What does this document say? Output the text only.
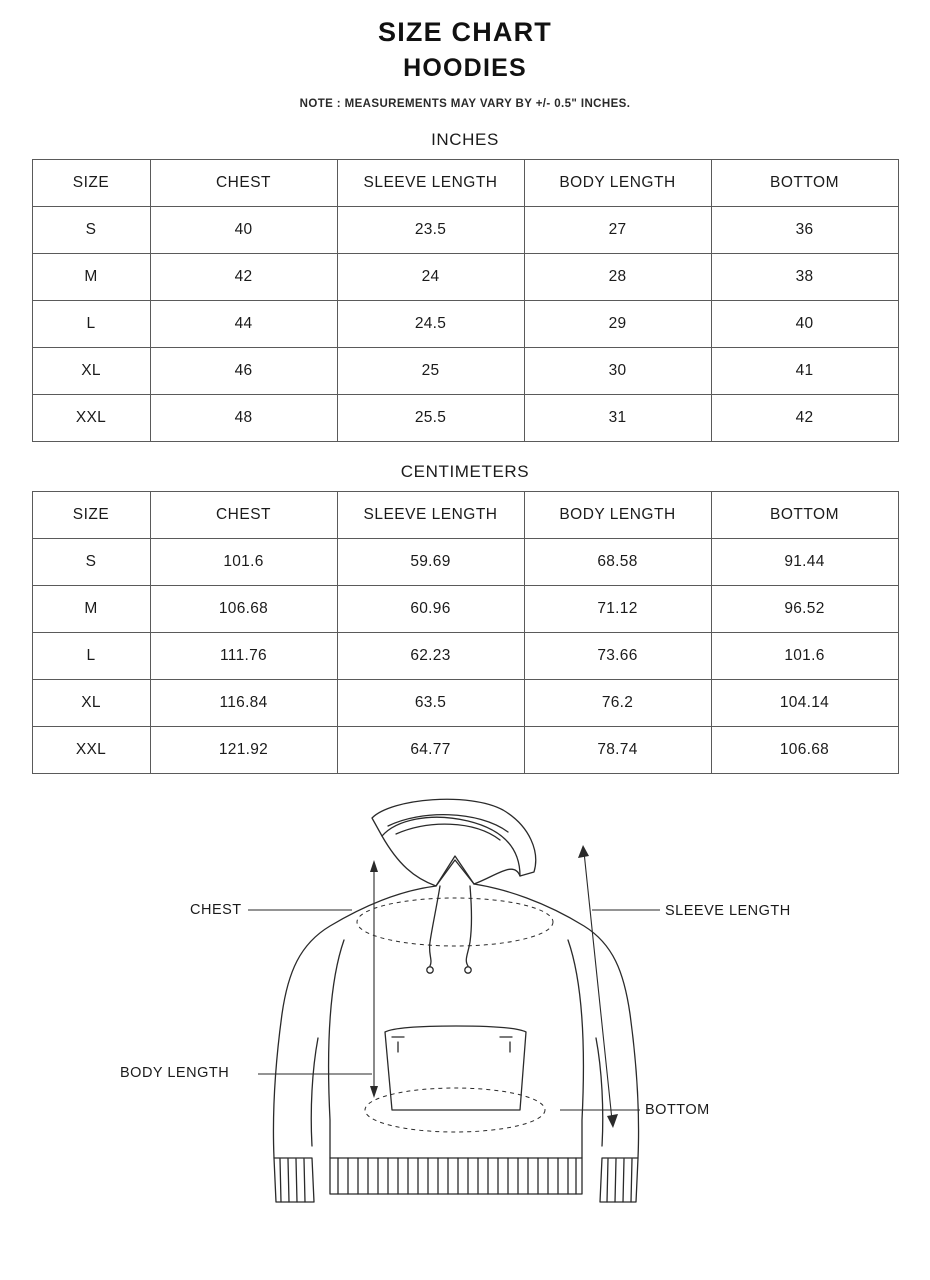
SIZE CHART
HOODIES
NOTE : MEASUREMENTS MAY VARY BY +/- 0.5" INCHES.
INCHES
SIZE	CHEST	SLEEVE LENGTH	BODY LENGTH	BOTTOM
S	40	23.5	27	36
M	42	24	28	38
L	44	24.5	29	40
XL	46	25	30	41
XXL	48	25.5	31	42
CENTIMETERS
SIZE	CHEST	SLEEVE LENGTH	BODY LENGTH	BOTTOM
S	101.6	59.69	68.58	91.44
M	106.68	60.96	71.12	96.52
L	111.76	62.23	73.66	101.6
XL	116.84	63.5	76.2	104.14
XXL	121.92	64.77	78.74	106.68
CHEST	SLEEVE LENGTH
BODY LENGTH
BOTTOM
